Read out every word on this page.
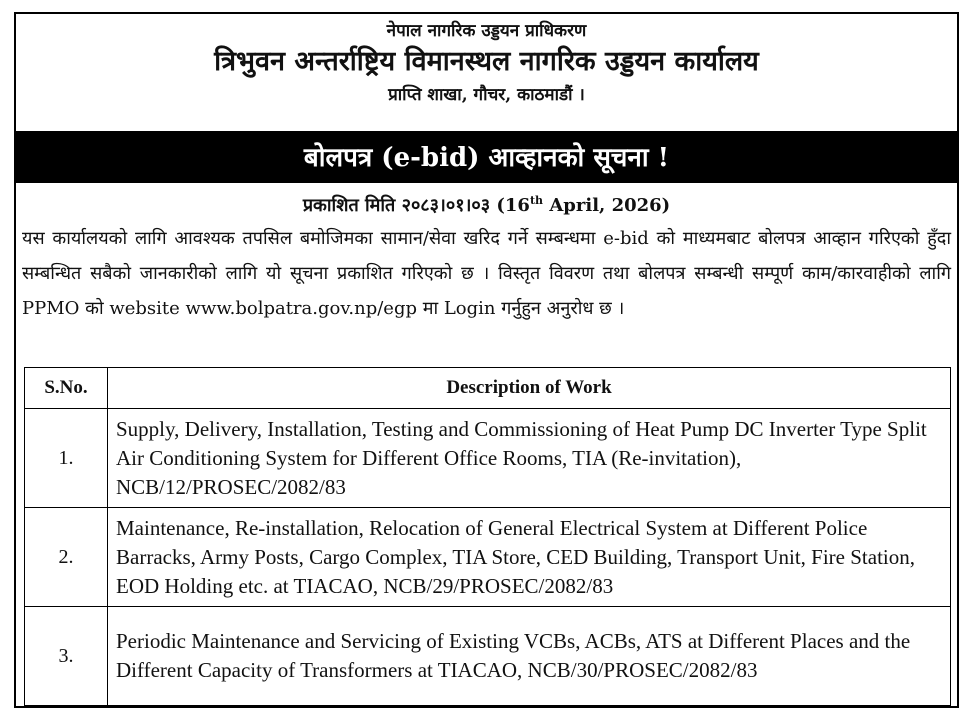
नेपाल नागरिक उड्डयन प्राधिकरण
त्रिभुवन अन्तर्राष्ट्रिय विमानस्थल नागरिक उड्डयन कार्यालय
प्राप्ति शाखा, गौचर, काठमाडौं ।
बोलपत्र (e-bid) आव्हानको सूचना !
प्रकाशित मिति २०८३।०१।०३ (16th April, 2026)
यस कार्यालयको लागि आवश्यक तपसिल बमोजिमका सामान/सेवा खरिद गर्ने सम्बन्धमा e-bid को माध्यमबाट बोलपत्र आव्हान गरिएको हुँदा सम्बन्धित सबैको जानकारीको लागि यो सूचना प्रकाशित गरिएको छ । विस्तृत विवरण तथा बोलपत्र सम्बन्धी सम्पूर्ण काम/कारवाहीको लागि PPMO को website www.bolpatra.gov.np/egp मा Login गर्नुहुन अनुरोध छ ।
S.No.	Description of Work
1.	Supply, Delivery, Installation, Testing and Commissioning of Heat Pump DC Inverter Type Split Air Conditioning System for Different Office Rooms, TIA (Re-invitation), NCB/12/PROSEC/2082/83
2.	Maintenance, Re-installation, Relocation of General Electrical System at Different Police Barracks, Army Posts, Cargo Complex, TIA Store, CED Building, Transport Unit, Fire Station, EOD Holding etc. at TIACAO, NCB/29/PROSEC/2082/83
3.	Periodic Maintenance and Servicing of Existing VCBs, ACBs, ATS at Different Places and the Different Capacity of Transformers at TIACAO, NCB/30/PROSEC/2082/83
